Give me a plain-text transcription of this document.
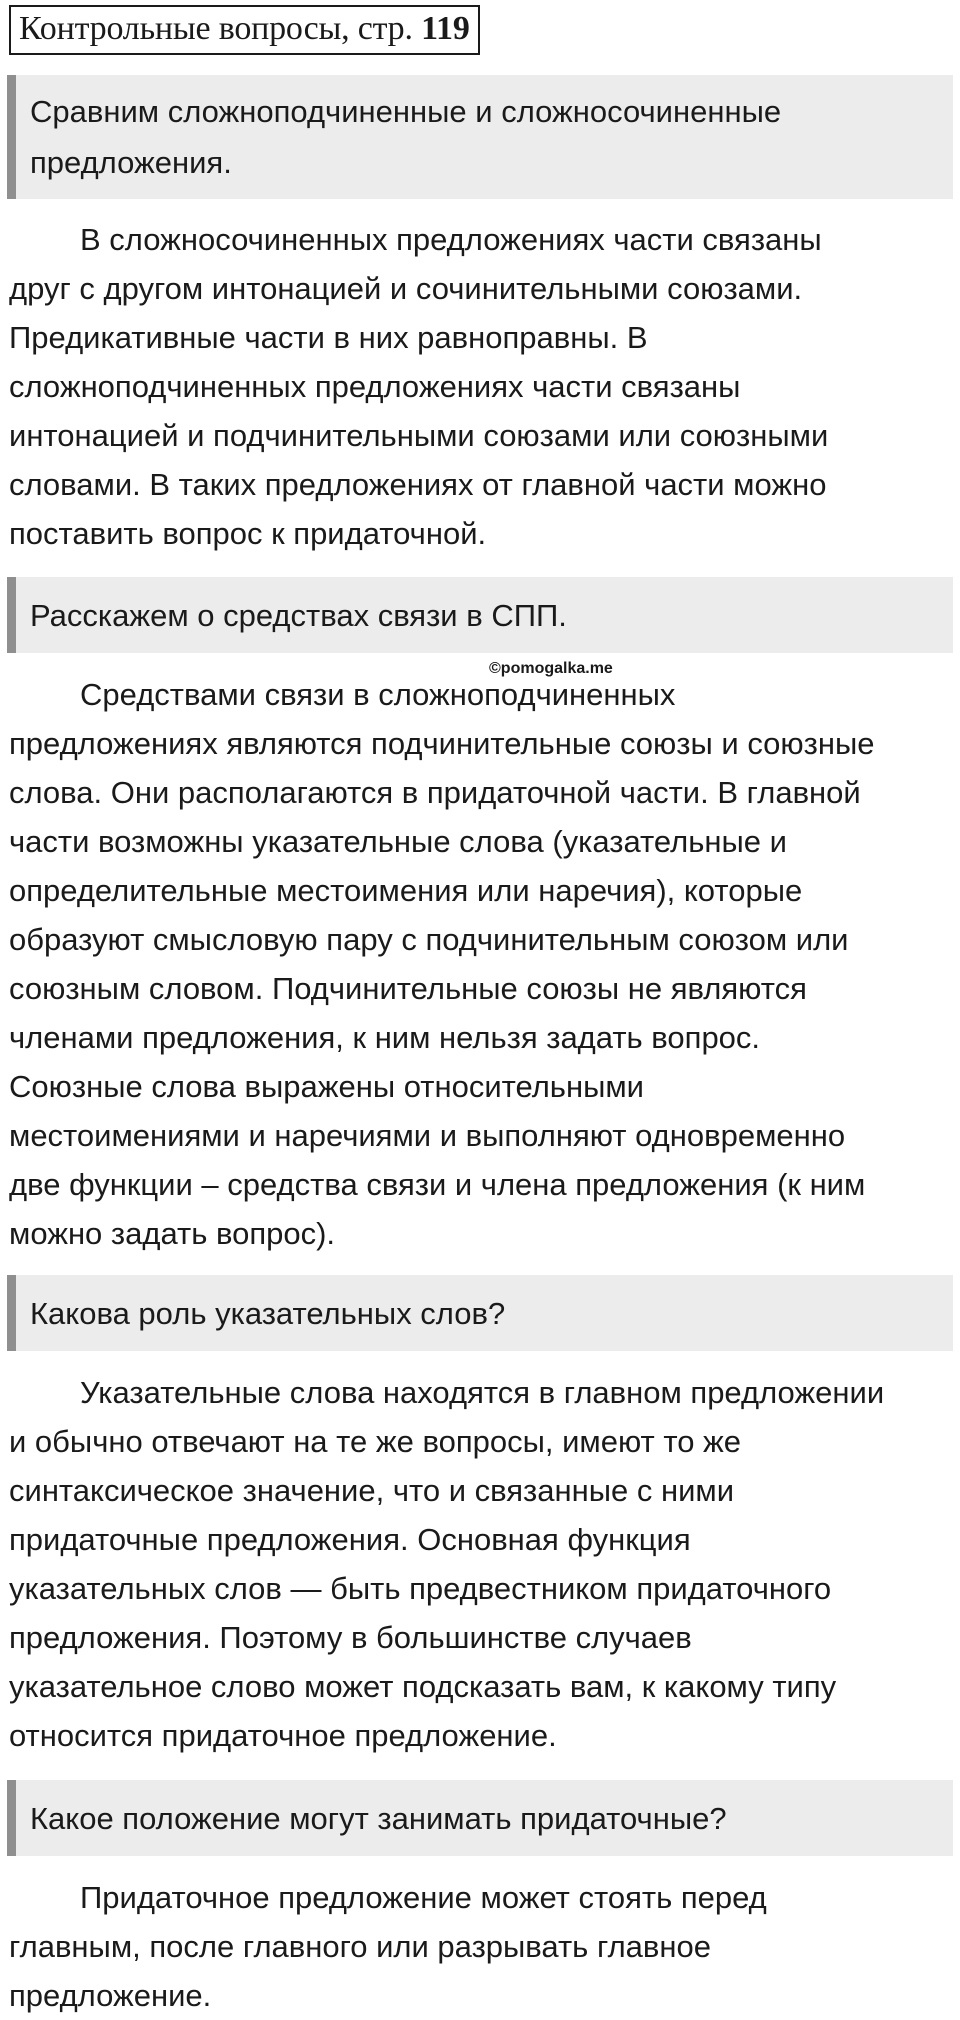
Контрольные вопросы, стр. 119
Сравним сложноподчиненные и сложносочиненные
предложения.

В сложносочиненных предложениях части связаны
друг с другом интонацией и сочинительными союзами.
Предикативные части в них равноправны. В
сложноподчиненных предложениях части связаны
интонацией и подчинительными союзами или союзными
словами. В таких предложениях от главной части можно
поставить вопрос к придаточной.

Расскажем о средствах связи в СПП.
©pomogalka.me

Средствами связи в сложноподчиненных
предложениях являются подчинительные союзы и союзные
слова. Они располагаются в придаточной части. В главной
части возможны указательные слова (указательные и
определительные местоимения или наречия), которые
образуют смысловую пару с подчинительным союзом или
союзным словом. Подчинительные союзы не являются
членами предложения, к ним нельзя задать вопрос.
Союзные слова выражены относительными
местоимениями и наречиями и выполняют одновременно
две функции – средства связи и члена предложения (к ним
можно задать вопрос).

Какова роль указательных слов?

Указательные слова находятся в главном предложении
и обычно отвечают на те же вопросы, имеют то же
синтаксическое значение, что и связанные с ними
придаточные предложения. Основная функция
указательных слов — быть предвестником придаточного
предложения. Поэтому в большинстве случаев
указательное слово может подсказать вам, к какому типу
относится придаточное предложение.

Какое положение могут занимать придаточные?

Придаточное предложение может стоять перед
главным, после главного или разрывать главное
предложение.
